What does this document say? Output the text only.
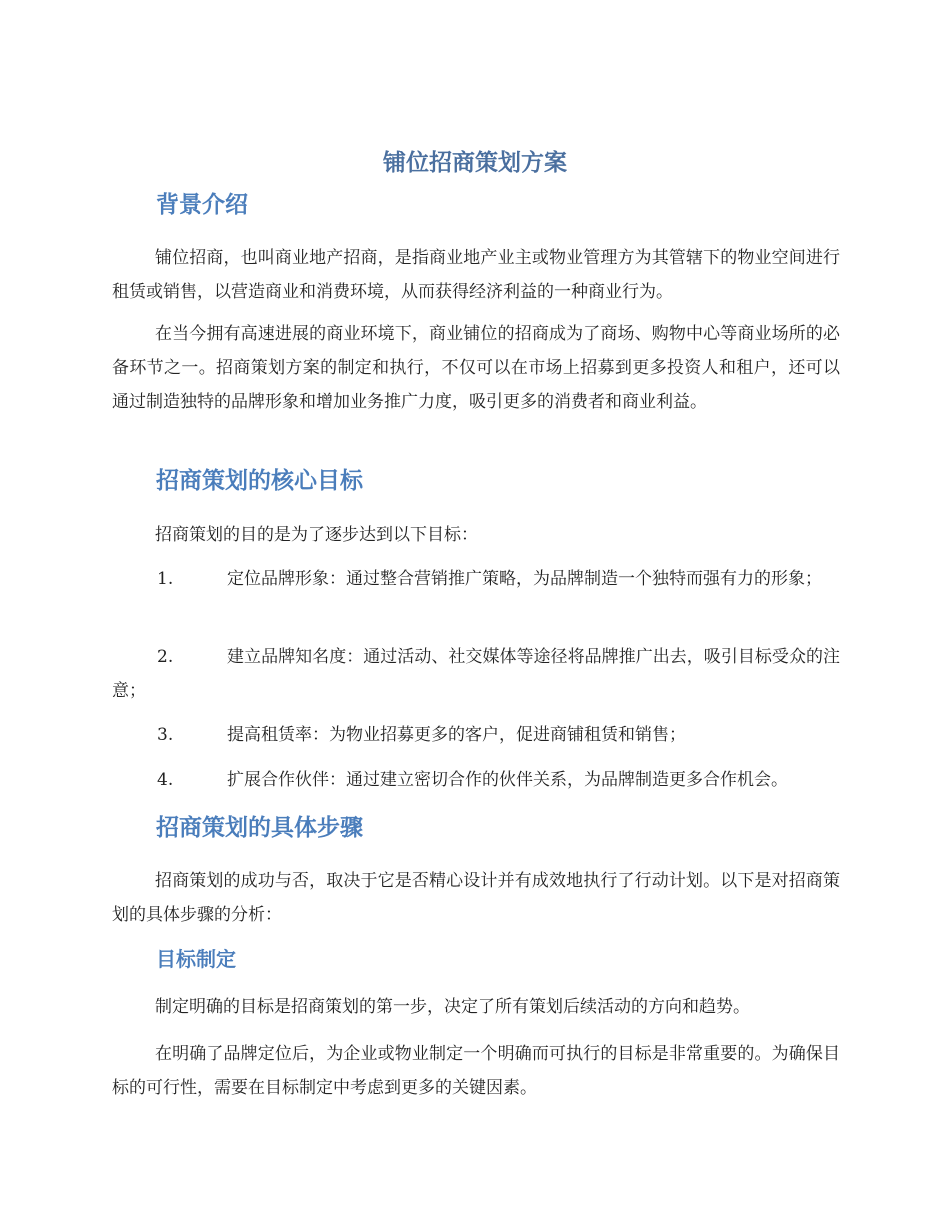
铺位招商策划方案
背景介绍

铺位招商，也叫商业地产招商，是指商业地产业主或物业管理方为其管辖下的物业空间进行租赁或销售，以营造商业和消费环境，从而获得经济利益的一种商业行为。

在当今拥有高速进展的商业环境下，商业铺位的招商成为了商场、购物中心等商业场所的必备环节之一。招商策划方案的制定和执行，不仅可以在市场上招募到更多投资人和租户，还可以通过制造独特的品牌形象和增加业务推广力度，吸引更多的消费者和商业利益。

招商策划的核心目标

招商策划的目的是为了逐步达到以下目标：

1.	定位品牌形象：通过整合营销推广策略，为品牌制造一个独特而强有力的形象；

2.	建立品牌知名度：通过活动、社交媒体等途径将品牌推广出去，吸引目标受众的注意；

3.	提高租赁率：为物业招募更多的客户，促进商铺租赁和销售；

4.	扩展合作伙伴：通过建立密切合作的伙伴关系，为品牌制造更多合作机会。

招商策划的具体步骤

招商策划的成功与否，取决于它是否精心设计并有成效地执行了行动计划。以下是对招商策划的具体步骤的分析：

目标制定

制定明确的目标是招商策划的第一步，决定了所有策划后续活动的方向和趋势。

在明确了品牌定位后，为企业或物业制定一个明确而可执行的目标是非常重要的。为确保目标的可行性，需要在目标制定中考虑到更多的关键因素。
